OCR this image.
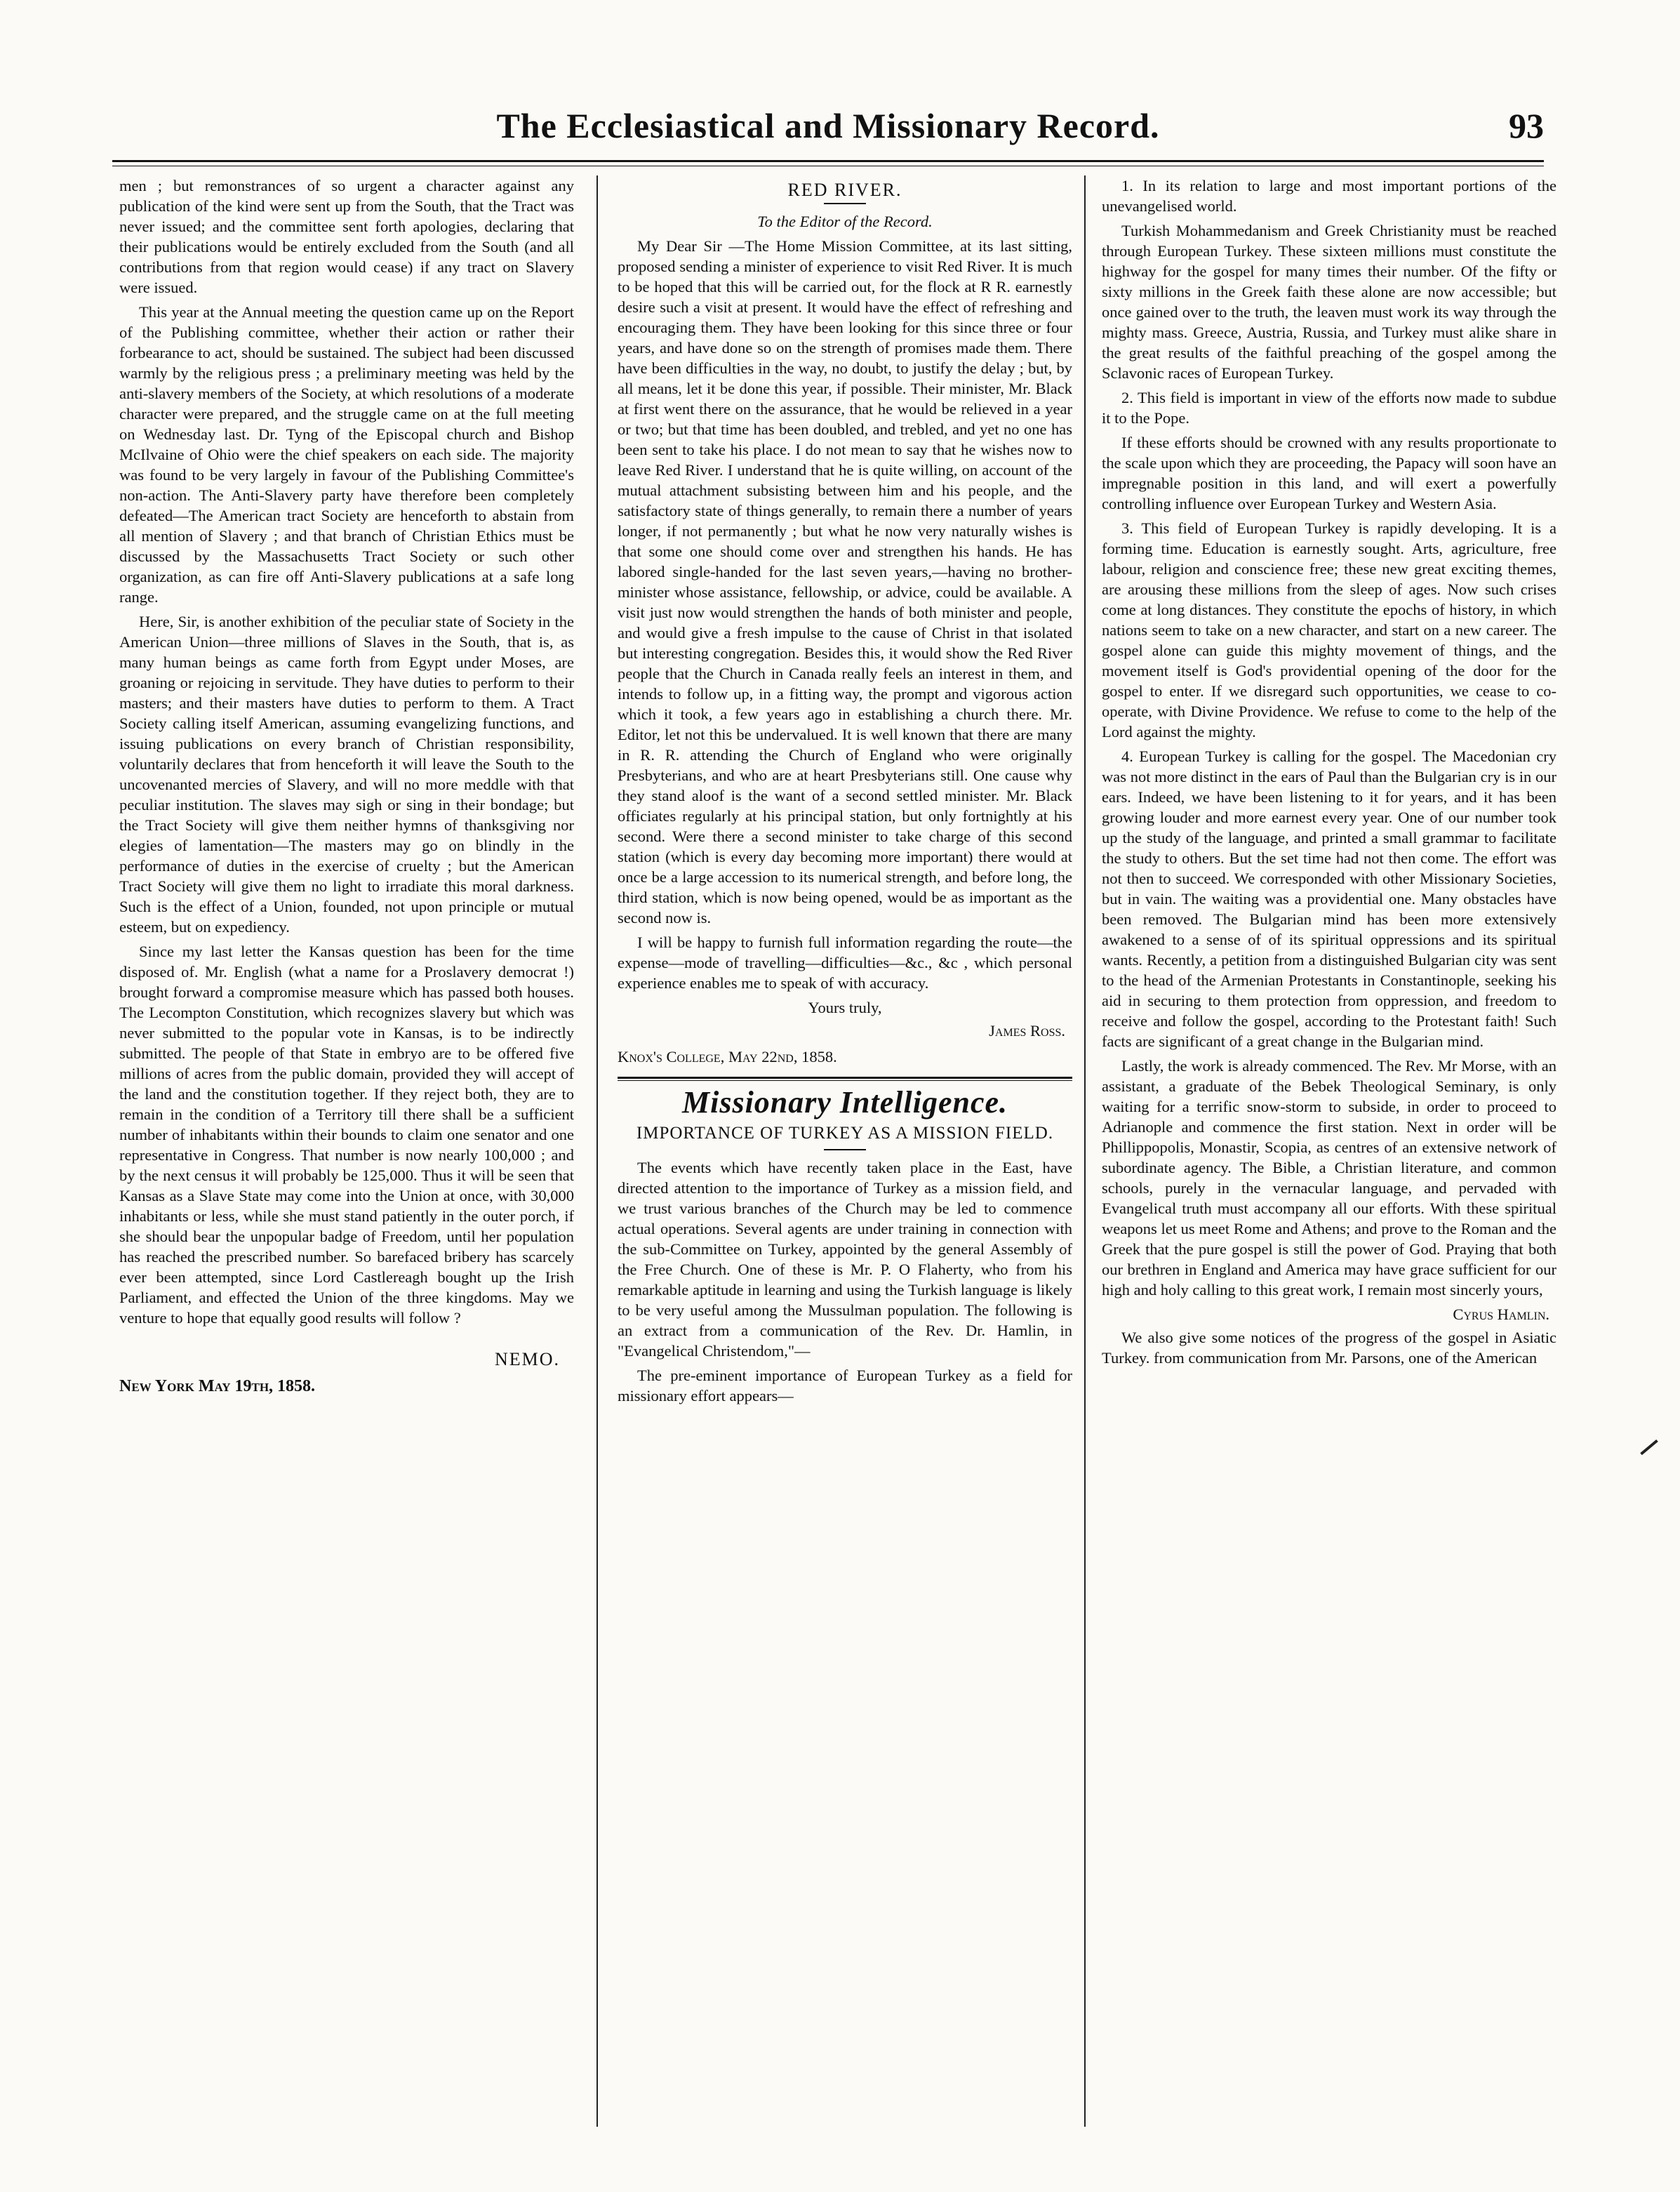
The Ecclesiastical and Missionary Record.	93

men ; but remonstrances of so urgent a character against any publication of the kind were sent up from the South, that the Tract was never issued; and the committee sent forth apologies, declaring that their publications would be entirely excluded from the South (and all contributions from that region would cease) if any tract on Slavery were issued.

This year at the Annual meeting the question came up on the Report of the Publishing committee, whether their action or rather their forbearance to act, should be sustained. The subject had been discussed warmly by the religious press ; a preliminary meeting was held by the anti-slavery members of the Society, at which resolutions of a moderate character were prepared, and the struggle came on at the full meeting on Wednesday last. Dr. Tyng of the Episcopal church and Bishop McIlvaine of Ohio were the chief speakers on each side. The majority was found to be very largely in favour of the Publishing Committee's non-action. The Anti-Slavery party have therefore been completely defeated—The American tract Society are henceforth to abstain from all mention of Slavery ; and that branch of Christian Ethics must be discussed by the Massachusetts Tract Society or such other organization, as can fire off Anti-Slavery publications at a safe long range.

Here, Sir, is another exhibition of the peculiar state of Society in the American Union—three millions of Slaves in the South, that is, as many human beings as came forth from Egypt under Moses, are groaning or rejoicing in servitude. They have duties to perform to their masters; and their masters have duties to perform to them. A Tract Society calling itself American, assuming evangelizing functions, and issuing publications on every branch of Christian responsibility, voluntarily declares that from henceforth it will leave the South to the uncovenanted mercies of Slavery, and will no more meddle with that peculiar institution. The slaves may sigh or sing in their bondage; but the Tract Society will give them neither hymns of thanksgiving nor elegies of lamentation—The masters may go on blindly in the performance of duties in the exercise of cruelty ; but the American Tract Society will give them no light to irradiate this moral darkness. Such is the effect of a Union, founded, not upon principle or mutual esteem, but on expediency.

Since my last letter the Kansas question has been for the time disposed of. Mr. English (what a name for a Proslavery democrat !) brought forward a compromise measure which has passed both houses. The Lecompton Constitution, which recognizes slavery but which was never submitted to the popular vote in Kansas, is to be indirectly submitted. The people of that State in embryo are to be offered five millions of acres from the public domain, provided they will accept of the land and the constitution together. If they reject both, they are to remain in the condition of a Territory till there shall be a sufficient number of inhabitants within their bounds to claim one senator and one representative in Congress. That number is now nearly 100,000 ; and by the next census it will probably be 125,000. Thus it will be seen that Kansas as a Slave State may come into the Union at once, with 30,000 inhabitants or less, while she must stand patiently in the outer porch, if she should bear the unpopular badge of Freedom, until her population has reached the prescribed number. So barefaced bribery has scarcely ever been attempted, since Lord Castlereagh bought up the Irish Parliament, and effected the Union of the three kingdoms. May we venture to hope that equally good results will follow ?

NEMO.
New York May 19th, 1858.
RED RIVER.
To the Editor of the Record.

My Dear Sir —The Home Mission Committee, at its last sitting, proposed sending a minister of experience to visit Red River. It is much to be hoped that this will be carried out, for the flock at R R. earnestly desire such a visit at present. It would have the effect of refreshing and encouraging them. They have been looking for this since three or four years, and have done so on the strength of promises made them. There have been difficulties in the way, no doubt, to justify the delay ; but, by all means, let it be done this year, if possible. Their minister, Mr. Black at first went there on the assurance, that he would be relieved in a year or two; but that time has been doubled, and trebled, and yet no one has been sent to take his place. I do not mean to say that he wishes now to leave Red River. I understand that he is quite willing, on account of the mutual attachment subsisting between him and his people, and the satisfactory state of things generally, to remain there a number of years longer, if not permanently ; but what he now very naturally wishes is that some one should come over and strengthen his hands. He has labored single-handed for the last seven years,—having no brother-minister whose assistance, fellowship, or advice, could be available. A visit just now would strengthen the hands of both minister and people, and would give a fresh impulse to the cause of Christ in that isolated but interesting congregation. Besides this, it would show the Red River people that the Church in Canada really feels an interest in them, and intends to follow up, in a fitting way, the prompt and vigorous action which it took, a few years ago in establishing a church there. Mr. Editor, let not this be undervalued. It is well known that there are many in R. R. attending the Church of England who were originally Presbyterians, and who are at heart Presbyterians still. One cause why they stand aloof is the want of a second settled minister. Mr. Black officiates regularly at his principal station, but only fortnightly at his second. Were there a second minister to take charge of this second station (which is every day becoming more important) there would at once be a large accession to its numerical strength, and before long, the third station, which is now being opened, would be as important as the second now is.

I will be happy to furnish full information regarding the route—the expense—mode of travelling—difficulties—&c., &c , which personal experience enables me to speak of with accuracy.

Yours truly,
James Ross.
Knox's College, May 22nd, 1858.
Missionary Intelligence.
IMPORTANCE OF TURKEY AS A MISSION FIELD.

The events which have recently taken place in the East, have directed attention to the importance of Turkey as a mission field, and we trust various branches of the Church may be led to commence actual operations. Several agents are under training in connection with the sub-Committee on Turkey, appointed by the general Assembly of the Free Church. One of these is Mr. P. O Flaherty, who from his remarkable aptitude in learning and using the Turkish language is likely to be very useful among the Mussulman population. The following is an extract from a communication of the Rev. Dr. Hamlin, in "Evangelical Christendom,"—

The pre-eminent importance of European Turkey as a field for missionary effort appears—

1. In its relation to large and most important portions of the unevangelised world.

Turkish Mohammedanism and Greek Christianity must be reached through European Turkey. These sixteen millions must constitute the highway for the gospel for many times their number. Of the fifty or sixty millions in the Greek faith these alone are now accessible; but once gained over to the truth, the leaven must work its way through the mighty mass. Greece, Austria, Russia, and Turkey must alike share in the great results of the faithful preaching of the gospel among the Sclavonic races of European Turkey.

2. This field is important in view of the efforts now made to subdue it to the Pope.

If these efforts should be crowned with any results proportionate to the scale upon which they are proceeding, the Papacy will soon have an impregnable position in this land, and will exert a powerfully controlling influence over European Turkey and Western Asia.

3. This field of European Turkey is rapidly developing. It is a forming time. Education is earnestly sought. Arts, agriculture, free labour, religion and conscience free; these new great exciting themes, are arousing these millions from the sleep of ages. Now such crises come at long distances. They constitute the epochs of history, in which nations seem to take on a new character, and start on a new career. The gospel alone can guide this mighty movement of things, and the movement itself is God's providential opening of the door for the gospel to enter. If we disregard such opportunities, we cease to co-operate, with Divine Providence. We refuse to come to the help of the Lord against the mighty.

4. European Turkey is calling for the gospel. The Macedonian cry was not more distinct in the ears of Paul than the Bulgarian cry is in our ears. Indeed, we have been listening to it for years, and it has been growing louder and more earnest every year. One of our number took up the study of the language, and printed a small grammar to facilitate the study to others. But the set time had not then come. The effort was not then to succeed. We corresponded with other Missionary Societies, but in vain. The waiting was a providential one. Many obstacles have been removed. The Bulgarian mind has been more extensively awakened to a sense of of its spiritual oppressions and its spiritual wants. Recently, a petition from a distinguished Bulgarian city was sent to the head of the Armenian Protestants in Constantinople, seeking his aid in securing to them protection from oppression, and freedom to receive and follow the gospel, according to the Protestant faith! Such facts are significant of a great change in the Bulgarian mind.

Lastly, the work is already commenced. The Rev. Mr Morse, with an assistant, a graduate of the Bebek Theological Seminary, is only waiting for a terrific snow-storm to subside, in order to proceed to Adrianople and commence the first station. Next in order will be Phillippopolis, Monastir, Scopia, as centres of an extensive network of subordinate agency. The Bible, a Christian literature, and common schools, purely in the vernacular language, and pervaded with Evangelical truth must accompany all our efforts. With these spiritual weapons let us meet Rome and Athens; and prove to the Roman and the Greek that the pure gospel is still the power of God. Praying that both our brethren in England and America may have grace sufficient for our high and holy calling to this great work, I remain most sincerly yours,

Cyrus Hamlin.

We also give some notices of the progress of the gospel in Asiatic Turkey. from communication from Mr. Parsons, one of the American
